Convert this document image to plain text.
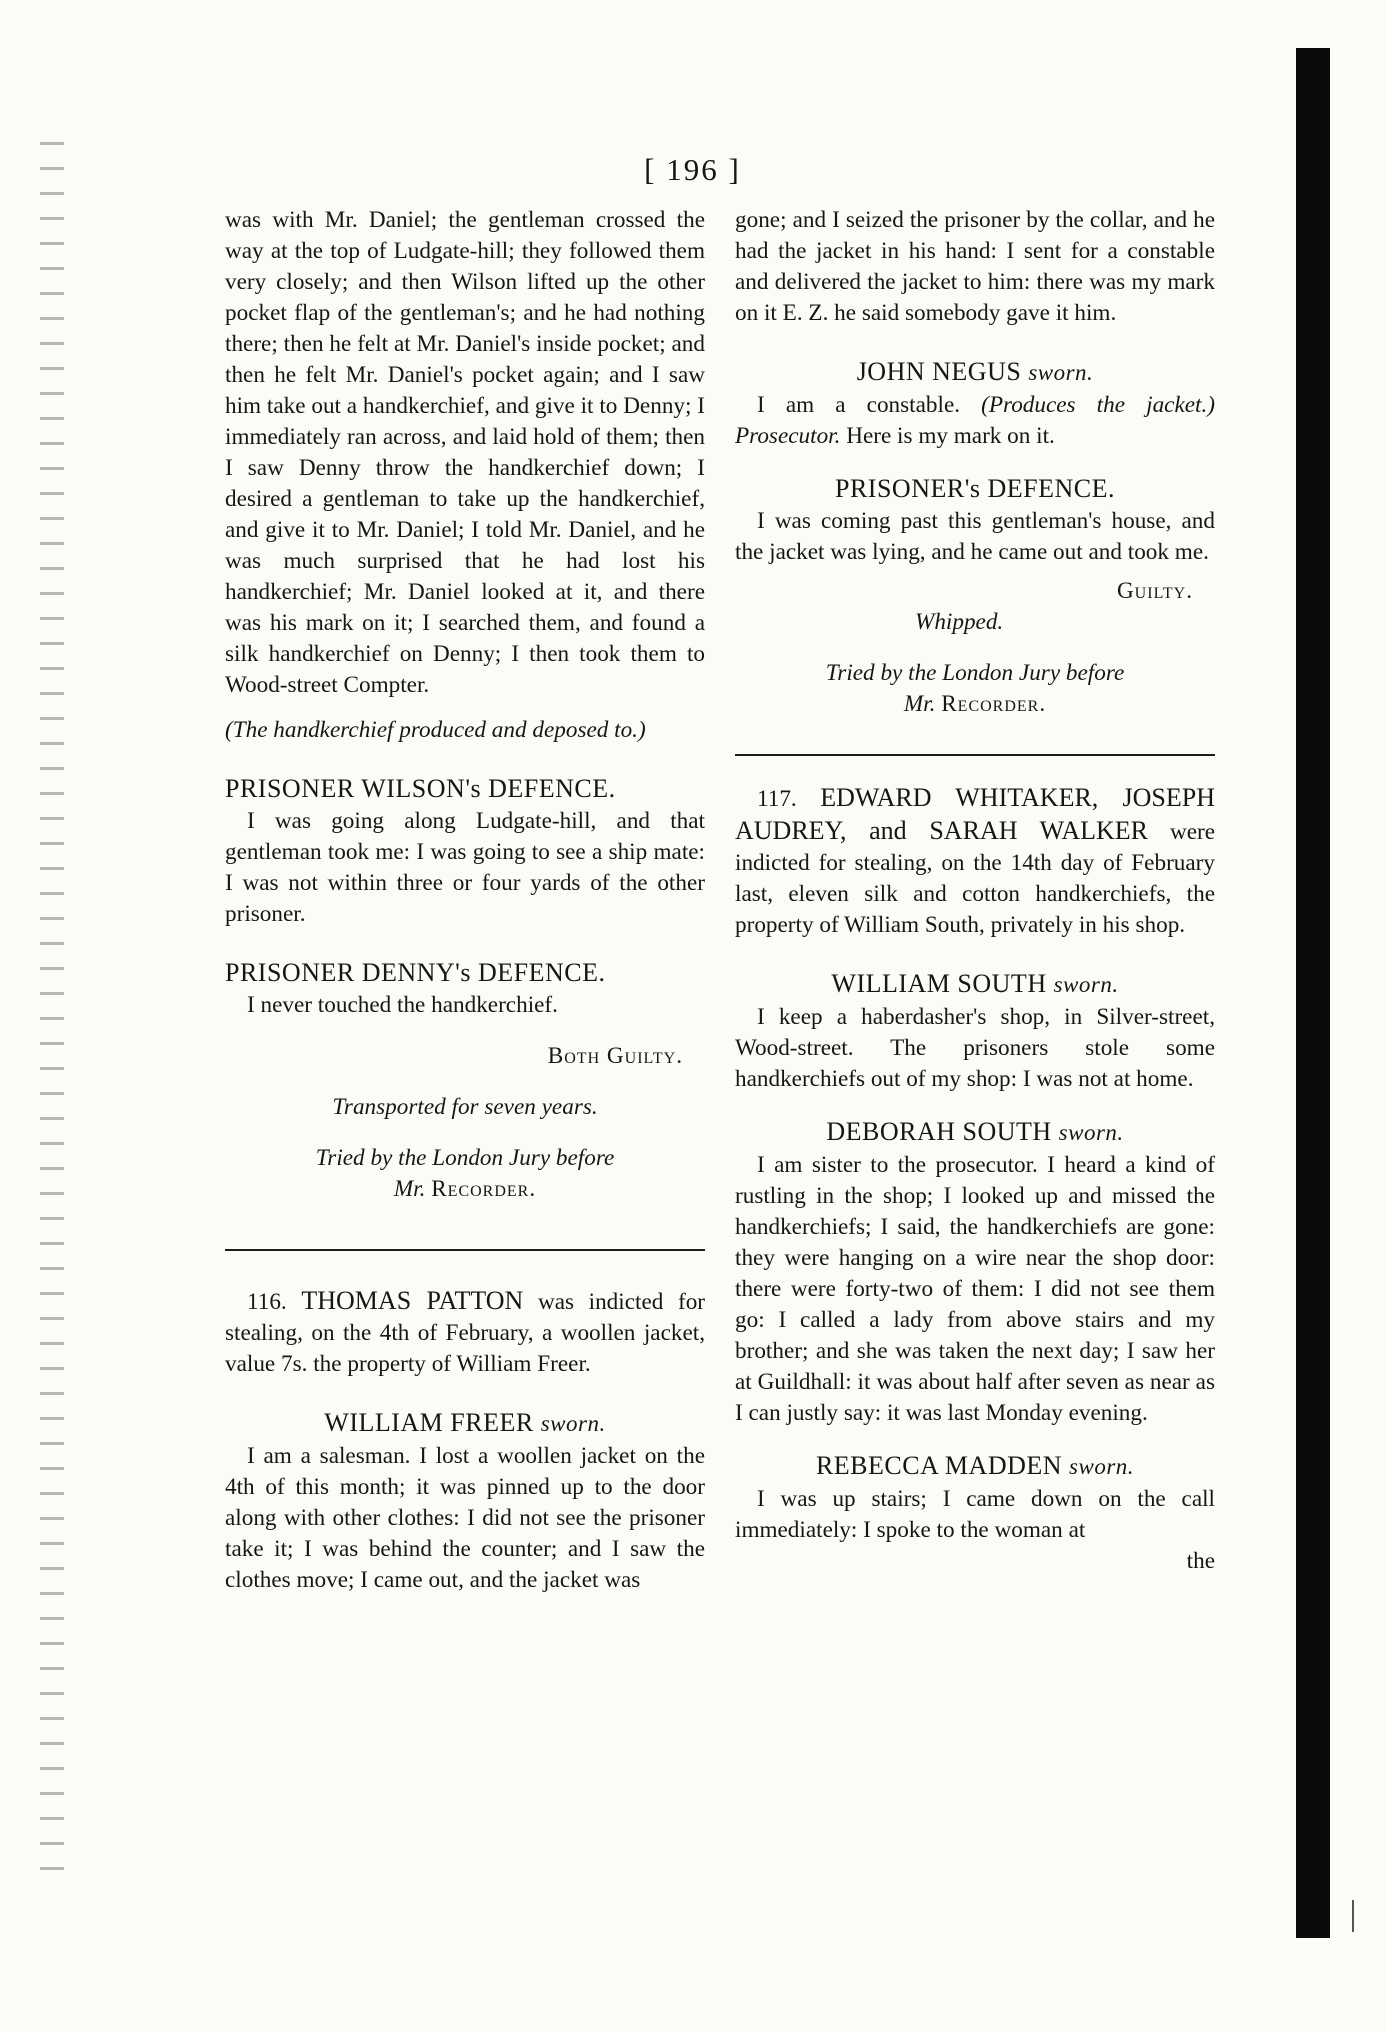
[ 196 ]

was with Mr. Daniel; the gentleman crossed the way at the top of Ludgate-hill; they followed them very closely; and then Wilson lifted up the other pocket flap of the gentleman's; and he had nothing there; then he felt at Mr. Daniel's inside pocket; and then he felt Mr. Daniel's pocket again; and I saw him take out a handkerchief, and give it to Denny; I immediately ran across, and laid hold of them; then I saw Denny throw the handkerchief down; I desired a gentleman to take up the handkerchief, and give it to Mr. Daniel; I told Mr. Daniel, and he was much surprised that he had lost his handkerchief; Mr. Daniel looked at it, and there was his mark on it; I searched them, and found a silk handkerchief on Denny; I then took them to Wood-street Compter.

(The handkerchief produced and deposed to.)

PRISONER WILSON's DEFENCE.

I was going along Ludgate-hill, and that gentleman took me: I was going to see a ship mate: I was not within three or four yards of the other prisoner.

PRISONER DENNY's DEFENCE.

I never touched the handkerchief.

Both Guilty.

Transported for seven years.

Tried by the London Jury before

Mr. Recorder.

116. THOMAS PATTON was indicted for stealing, on the 4th of February, a woollen jacket, value 7s. the property of William Freer.

WILLIAM FREER sworn.

I am a salesman. I lost a woollen jacket on the 4th of this month; it was pinned up to the door along with other clothes: I did not see the prisoner take it; I was behind the counter; and I saw the clothes move; I came out, and the jacket was

gone; and I seized the prisoner by the collar, and he had the jacket in his hand: I sent for a constable and delivered the jacket to him: there was my mark on it E. Z. he said somebody gave it him.

JOHN NEGUS sworn.

I am a constable. (Produces the jacket.) Prosecutor. Here is my mark on it.

PRISONER's DEFENCE.

I was coming past this gentleman's house, and the jacket was lying, and he came out and took me.

Guilty.

Whipped.

Tried by the London Jury before

Mr. Recorder.

117. EDWARD WHITAKER, JOSEPH AUDREY, and SARAH WALKER were indicted for stealing, on the 14th day of February last, eleven silk and cotton handkerchiefs, the property of William South, privately in his shop.

WILLIAM SOUTH sworn.

I keep a haberdasher's shop, in Silver-street, Wood-street. The prisoners stole some handkerchiefs out of my shop: I was not at home.

DEBORAH SOUTH sworn.

I am sister to the prosecutor. I heard a kind of rustling in the shop; I looked up and missed the handkerchiefs; I said, the handkerchiefs are gone: they were hanging on a wire near the shop door: there were forty-two of them: I did not see them go: I called a lady from above stairs and my brother; and she was taken the next day; I saw her at Guildhall: it was about half after seven as near as I can justly say: it was last Monday evening.

REBECCA MADDEN sworn.

I was up stairs; I came down on the call immediately: I spoke to the woman at

the
